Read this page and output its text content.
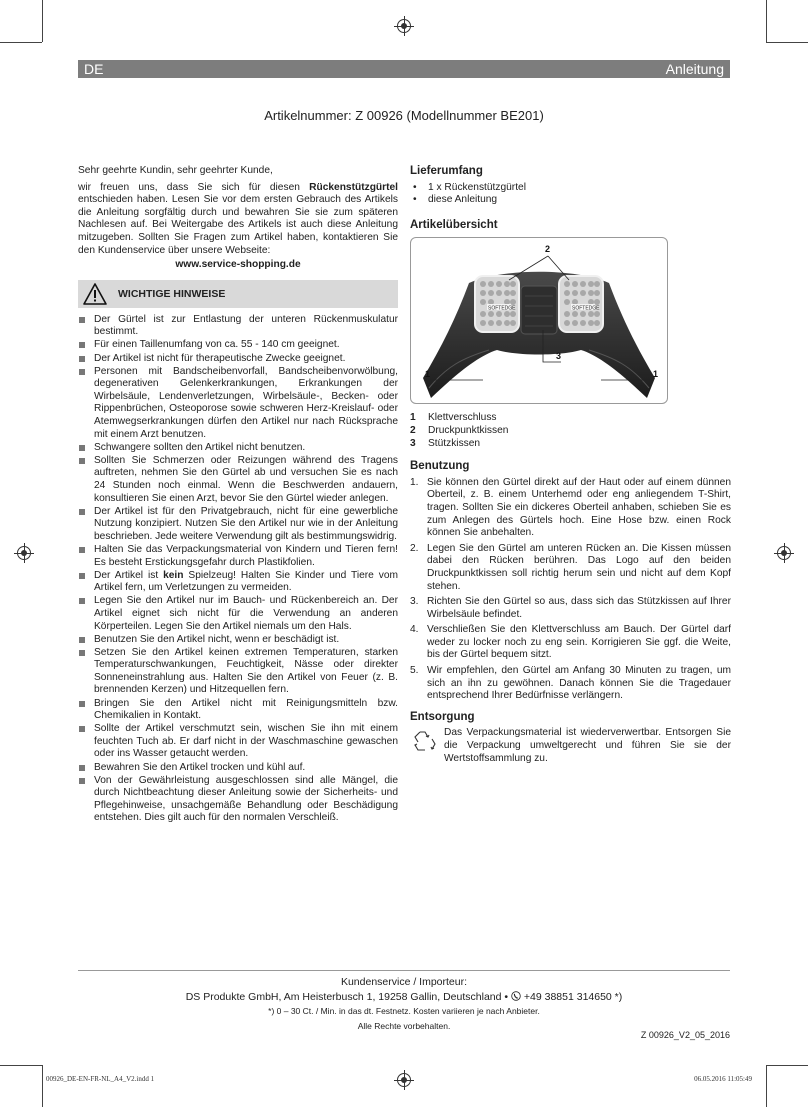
DE	Anleitung
Artikelnummer: Z 00926 (Modellnummer BE201)

Sehr geehrte Kundin, sehr geehrter Kunde,

wir freuen uns, dass Sie sich für diesen Rückenstützgürtel entschieden haben. Lesen Sie vor dem ersten Gebrauch des Artikels die Anleitung sorgfältig durch und bewahren Sie sie zum späteren Nachlesen auf. Bei Weitergabe des Artikels ist auch diese Anleitung mitzugeben. Sollten Sie Fragen zum Artikel haben, kontaktieren Sie den Kundenservice über unsere Webseite:

www.service-shopping.de

WICHTIGE HINWEISE
Der Gürtel ist zur Entlastung der unteren Rückenmuskulatur bestimmt.
Für einen Taillenumfang von ca. 55 - 140 cm geeignet.
Der Artikel ist nicht für therapeutische Zwecke geeignet.
Personen mit Bandscheibenvorfall, Bandscheibenvorwölbung, degenerativen Gelenkerkrankungen, Erkrankungen der Wirbelsäule, Lendenverletzungen, Wirbelsäule-, Becken- oder Rippenbrüchen, Osteoporose sowie schweren Herz-Kreislauf- oder Atemwegserkrankungen dürfen den Artikel nur nach Rücksprache mit einem Arzt benutzen.
Schwangere sollten den Artikel nicht benutzen.
Sollten Sie Schmerzen oder Reizungen während des Tragens auftreten, nehmen Sie den Gürtel ab und versuchen Sie es nach 24 Stunden noch einmal. Wenn die Beschwerden andauern, konsultieren Sie einen Arzt, bevor Sie den Gürtel wieder anlegen.
Der Artikel ist für den Privatgebrauch, nicht für eine gewerbliche Nutzung konzipiert. Nutzen Sie den Artikel nur wie in der Anleitung beschrieben. Jede weitere Verwendung gilt als bestimmungswidrig.
Halten Sie das Verpackungsmaterial von Kindern und Tieren fern! Es besteht Erstickungsgefahr durch Plastikfolien.
Der Artikel ist kein Spielzeug! Halten Sie Kinder und Tiere vom Artikel fern, um Verletzungen zu vermeiden.
Legen Sie den Artikel nur im Bauch- und Rückenbereich an. Der Artikel eignet sich nicht für die Verwendung an anderen Körperteilen. Legen Sie den Artikel niemals um den Hals.
Benutzen Sie den Artikel nicht, wenn er beschädigt ist.
Setzen Sie den Artikel keinen extremen Temperaturen, starken Temperaturschwankungen, Feuchtigkeit, Nässe oder direkter Sonneneinstrahlung aus. Halten Sie den Artikel von Feuer (z. B. brennenden Kerzen) und Hitzequellen fern.
Bringen Sie den Artikel nicht mit Reinigungsmitteln bzw. Chemikalien in Kontakt.
Sollte der Artikel verschmutzt sein, wischen Sie ihn mit einem feuchten Tuch ab. Er darf nicht in der Waschmaschine gewaschen oder ins Wasser getaucht werden.
Bewahren Sie den Artikel trocken und kühl auf.
Von der Gewährleistung ausgeschlossen sind alle Mängel, die durch Nichtbeachtung dieser Anleitung sowie der Sicherheits- und Pflegehinweise, unsachgemäße Behandlung oder Beschädigung entstehen. Dies gilt auch für den normalen Verschleiß.
Lieferumfang
• 1 x Rückenstützgürtel
• diese Anleitung
Artikelübersicht
SOFTEDGE	SOFTEDGE
2
3
1	1
1	Klettverschluss
2	Druckpunktkissen
3	Stützkissen
Benutzung
1. Sie können den Gürtel direkt auf der Haut oder auf einem dünnen Oberteil, z. B. einem Unterhemd oder eng anliegendem T-Shirt, tragen. Sollten Sie ein dickeres Oberteil anhaben, schieben Sie es zum Anlegen des Gürtels hoch. Eine Hose bzw. einen Rock können Sie anbehalten.
2. Legen Sie den Gürtel am unteren Rücken an. Die Kissen müssen dabei den Rücken berühren. Das Logo auf den beiden Druckpunktkissen soll richtig herum sein und nicht auf dem Kopf stehen.
3. Richten Sie den Gürtel so aus, dass sich das Stützkissen auf Ihrer Wirbelsäule befindet.
4. Verschließen Sie den Klettverschluss am Bauch. Der Gürtel darf weder zu locker noch zu eng sein. Korrigieren Sie ggf. die Weite, bis der Gürtel bequem sitzt.
5. Wir empfehlen, den Gürtel am Anfang 30 Minuten zu tragen, um sich an ihn zu gewöhnen. Danach können Sie die Tragedauer entsprechend Ihrer Bedürfnisse verlängern.
Entsorgung
Das Verpackungsmaterial ist wiederverwertbar. Entsorgen Sie die Verpackung umweltgerecht und führen Sie sie der Wertstoffsammlung zu.
Kundenservice / Importeur:
DS Produkte GmbH, Am Heisterbusch 1, 19258 Gallin, Deutschland •  +49 38851 314650 *)
*) 0 – 30 Ct. / Min. in das dt. Festnetz. Kosten variieren je nach Anbieter.
Alle Rechte vorbehalten.
Z 00926_V2_05_2016
00926_DE-EN-FR-NL_A4_V2.indd 1	06.05.2016 11:05:49
